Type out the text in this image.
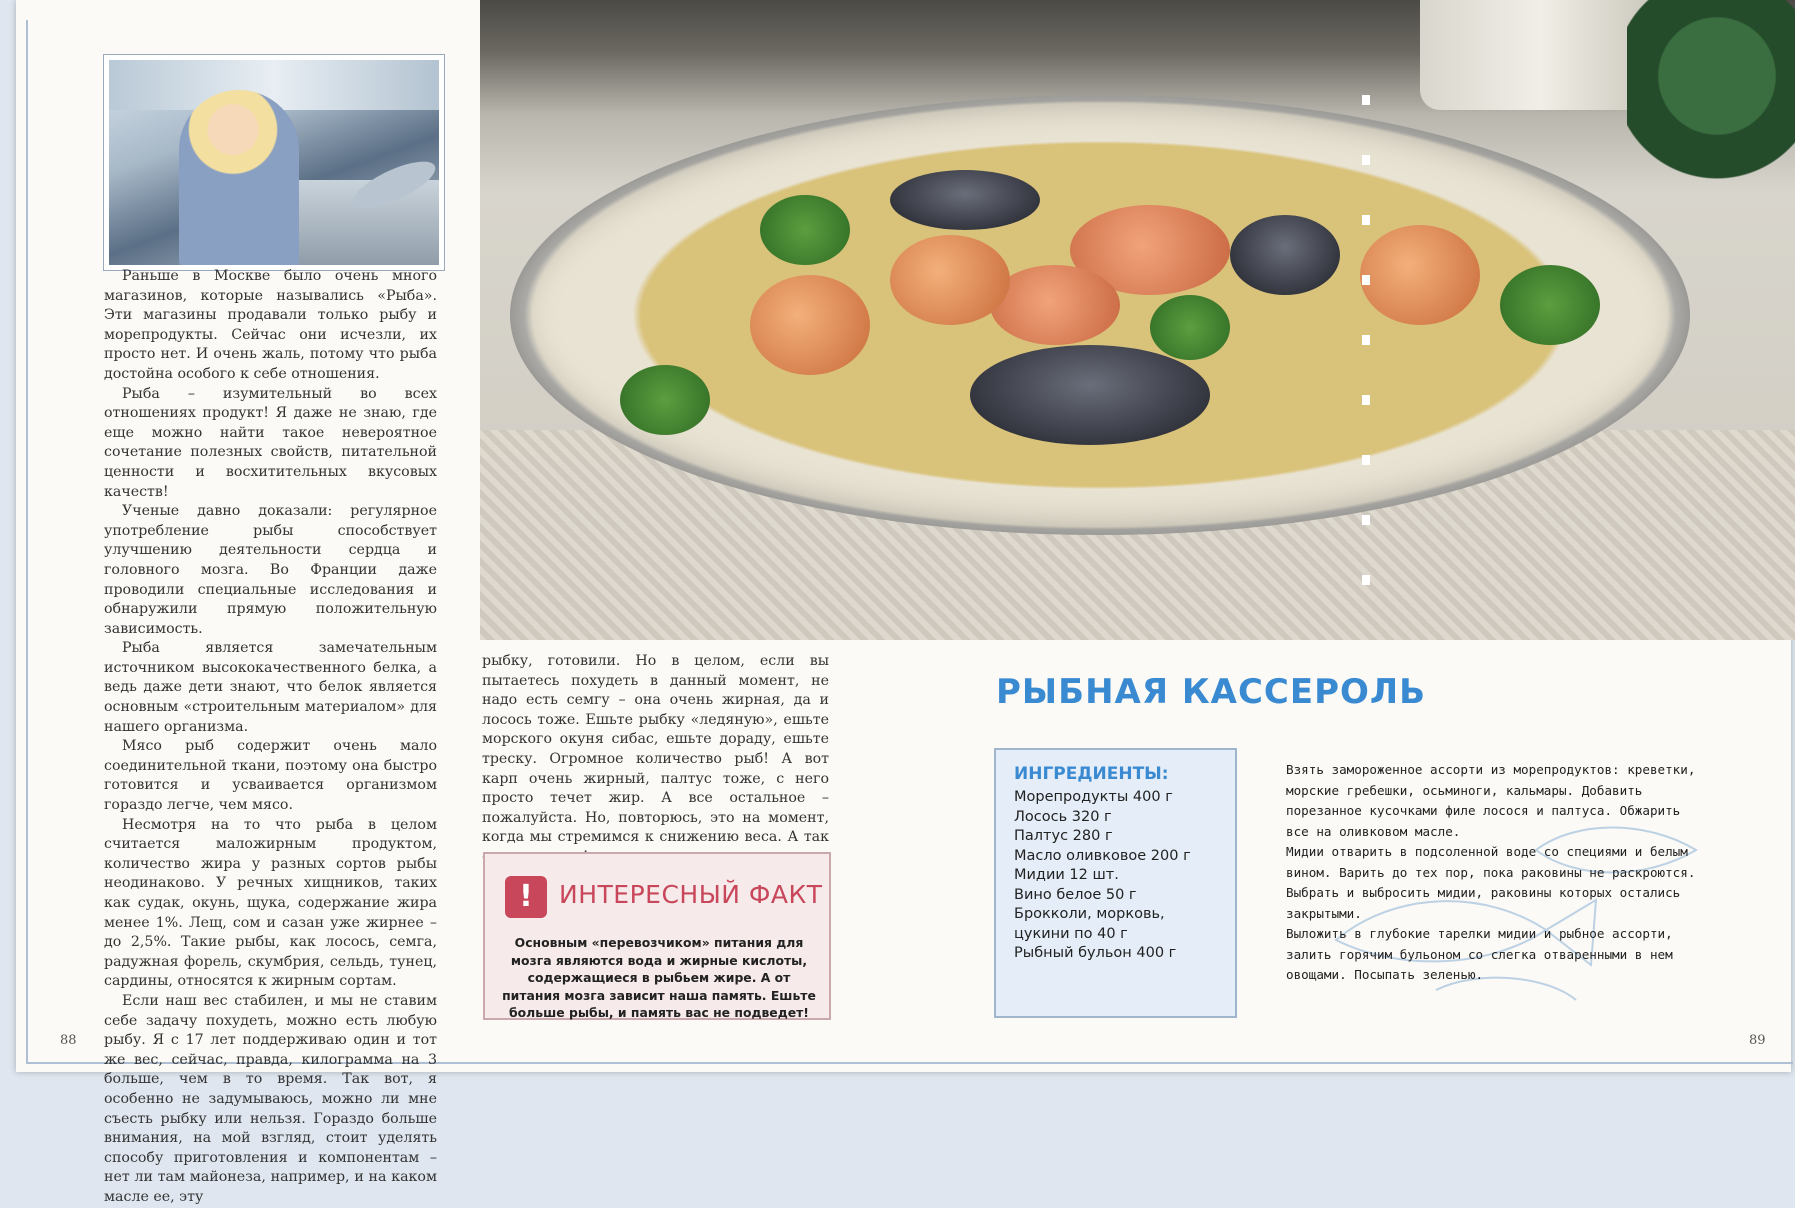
Раньше в Москве было очень много магазинов, которые назывались «Рыба». Эти магазины продавали только рыбу и морепродукты. Сейчас они исчезли, их просто нет. И очень жаль, потому что рыба достойна особого к себе отношения.

Рыба – изумительный во всех отношениях продукт! Я даже не знаю, где еще можно найти такое невероятное сочетание полезных свойств, питательной ценности и восхитительных вкусовых качеств!

Ученые давно доказали: регулярное употребление рыбы способствует улучшению деятельности сердца и головного мозга. Во Франции даже проводили специальные исследования и обнаружили прямую положительную зависимость.

Рыба является замечательным источником высококачественного белка, а ведь даже дети знают, что белок является основным «строительным материалом» для нашего организма.

Мясо рыб содержит очень мало соединительной ткани, поэтому она быстро готовится и усваивается организмом гораздо легче, чем мясо.

Несмотря на то что рыба в целом считается маложирным продуктом, количество жира у разных сортов рыбы неодинаково. У речных хищников, таких как судак, окунь, щука, содержание жира менее 1%. Лещ, сом и сазан уже жирнее – до 2,5%. Такие рыбы, как лосось, семга, радужная форель, скумбрия, сельдь, тунец, сардины, относятся к жирным сортам.

Если наш вес стабилен, и мы не ставим себе задачу похудеть, можно есть любую рыбу. Я с 17 лет поддерживаю один и тот же вес, сейчас, правда, килограмма на 3 больше, чем в то время. Так вот, я особенно не задумываюсь, можно ли мне съесть рыбку или нельзя. Гораздо больше внимания, на мой взгляд, стоит уделять способу приготовления и компонентам – нет ли там майонеза, например, и на каком масле ее, эту

рыбку, готовили. Но в целом, если вы пытаетесь похудеть в данный момент, не надо есть семгу – она очень жирная, да и лосось тоже. Ешьте рыбку «ледяную», ешьте морского окуня сибас, ешьте дораду, ешьте треску. Огромное количество рыб! А вот карп очень жирный, палтус тоже, с него просто течет жир. А все остальное – пожалуйста. Но, повторюсь, это на момент, когда мы стремимся к снижению веса. А так

!	ИНТЕРЕСНЫЙ ФАКТ
Основным «перевозчиком» питания для мозга являются вода и жирные кислоты, содержащиеся в рыбьем жире. А от питания мозга зависит наша память. Ешьте больше рыбы, и память вас не подведет!
88
РЫБНАЯ КАССЕРОЛЬ
ИНГРЕДИЕНТЫ:
Морепродукты 400 г
Лосось 320 г
Палтус 280 г
Масло оливковое 200 г
Мидии 12 шт.
Вино белое 50 г
Брокколи, морковь,
цукини по 40 г
Рыбный бульон 400 г

Взять замороженное ассорти из морепродуктов: креветки, морские гребешки, осьминоги, кальмары. Добавить порезанное кусочками филе лосося и палтуса. Обжарить все на оливковом масле.

Мидии отварить в подсоленной воде со специями и белым вином. Варить до тех пор, пока раковины не раскроются.

Выбрать и выбросить мидии, раковины которых остались закрытыми.

Выложить в глубокие тарелки мидии и рыбное ассорти, залить горячим бульоном со слегка отваренными в нем овощами. Посыпать зеленью.

89
